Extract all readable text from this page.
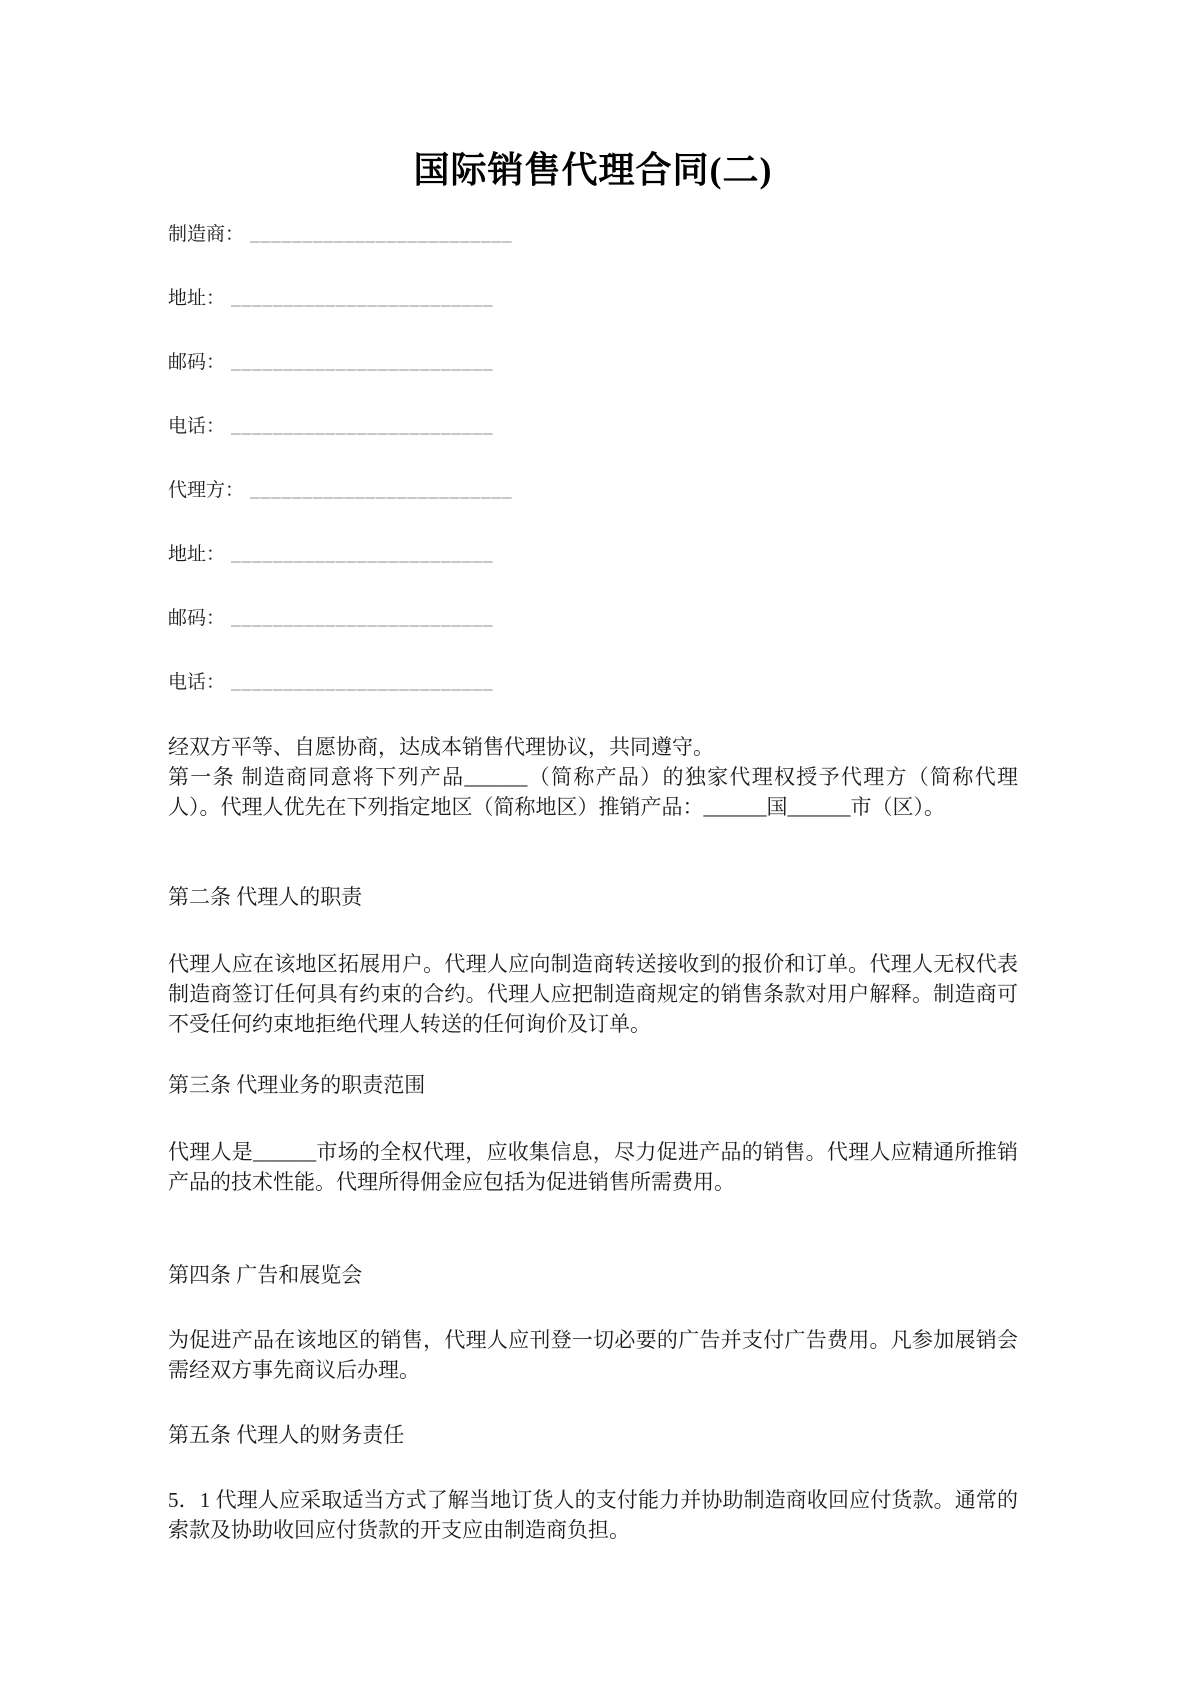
国际销售代理合同(二)
制造商： _________________________
地址： _________________________
邮码： _________________________
电话： _________________________
代理方： _________________________
地址： _________________________
邮码： _________________________
电话： _________________________

经双方平等、自愿协商，达成本销售代理协议，共同遵守。

第一条 制造商同意将下列产品______（简称产品）的独家代理权授予代理方（简称代理人）。代理人优先在下列指定地区（简称地区）推销产品：______国______市（区）。

第二条 代理人的职责

代理人应在该地区拓展用户。代理人应向制造商转送接收到的报价和订单。代理人无权代表制造商签订任何具有约束的合约。代理人应把制造商规定的销售条款对用户解释。制造商可不受任何约束地拒绝代理人转送的任何询价及订单。

第三条 代理业务的职责范围

代理人是______市场的全权代理，应收集信息，尽力促进产品的销售。代理人应精通所推销产品的技术性能。代理所得佣金应包括为促进销售所需费用。

第四条 广告和展览会

为促进产品在该地区的销售，代理人应刊登一切必要的广告并支付广告费用。凡参加展销会需经双方事先商议后办理。

第五条 代理人的财务责任

5．1 代理人应采取适当方式了解当地订货人的支付能力并协助制造商收回应付货款。通常的索款及协助收回应付货款的开支应由制造商负担。
